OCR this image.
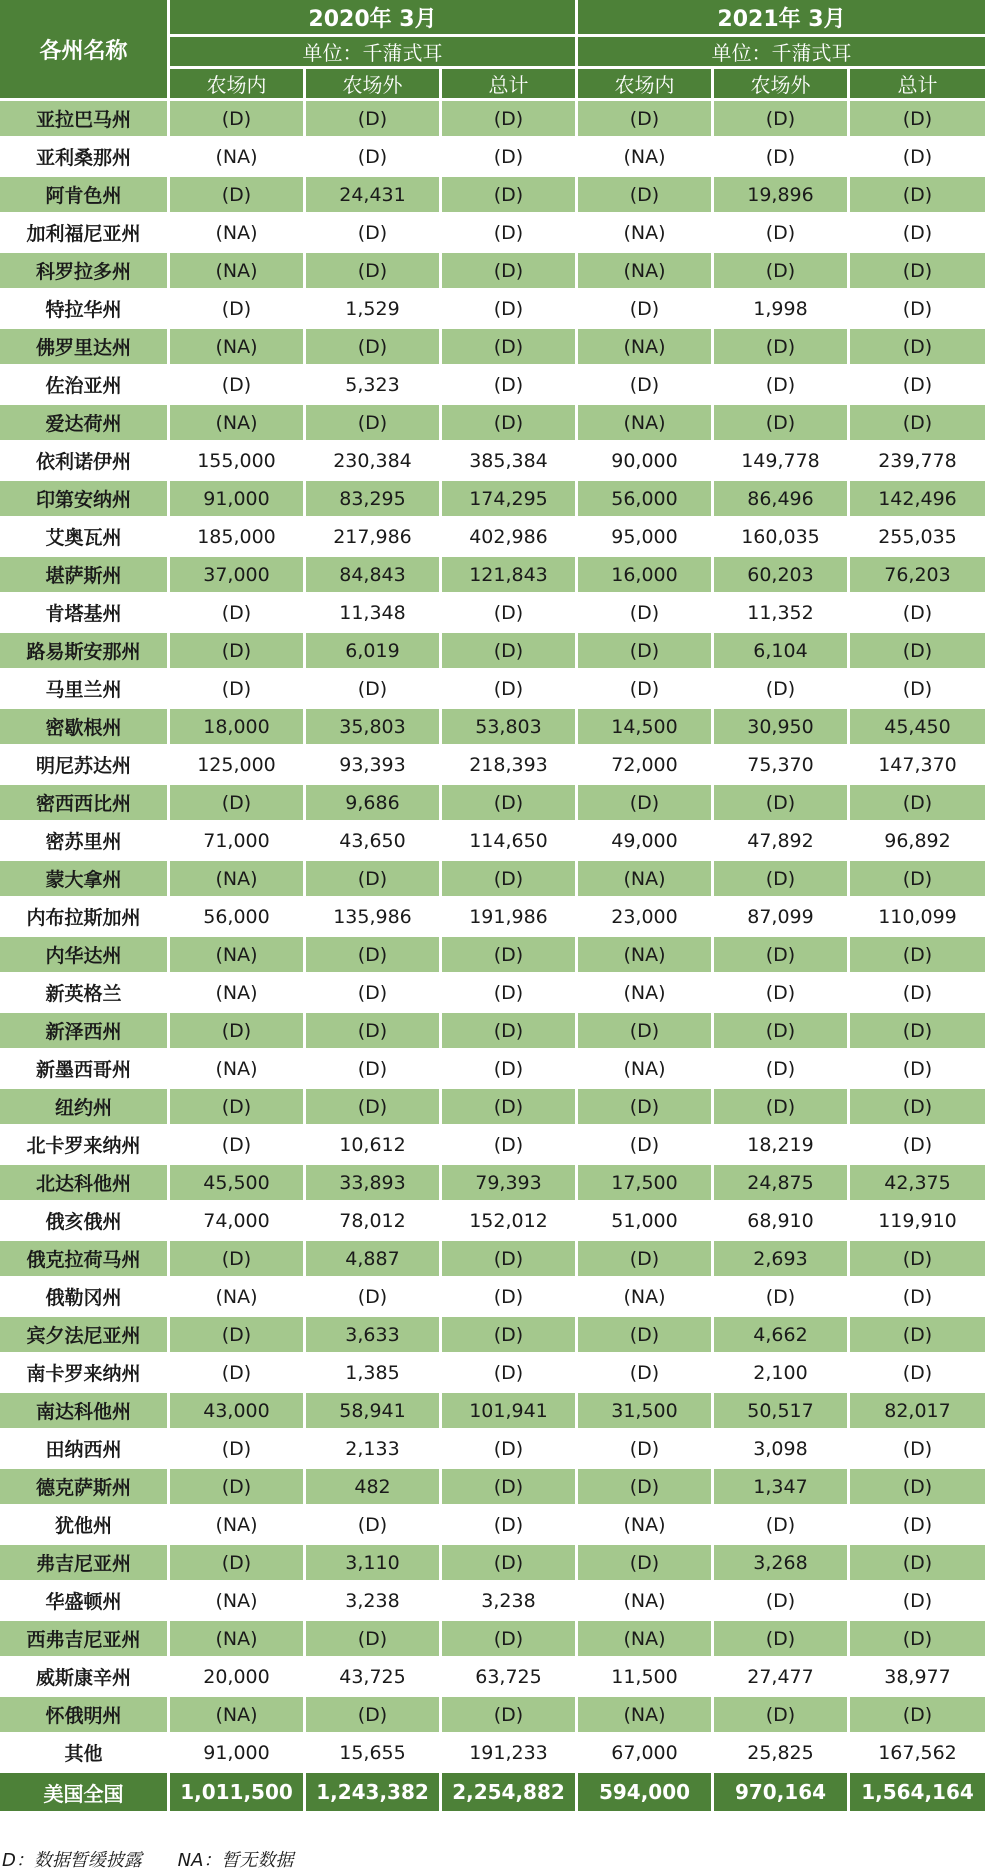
各州名称	2020年 3月			2021年 3月		
	单位：千蒲式耳			单位：千蒲式耳		
	农场内	农场外	总计	农场内	农场外	总计
亚拉巴马州	(D)	(D)	(D)	(D)	(D)	(D)
亚利桑那州	(NA)	(D)	(D)	(NA)	(D)	(D)
阿肯色州	(D)	24,431	(D)	(D)	19,896	(D)
加利福尼亚州	(NA)	(D)	(D)	(NA)	(D)	(D)
科罗拉多州	(NA)	(D)	(D)	(NA)	(D)	(D)
特拉华州	(D)	1,529	(D)	(D)	1,998	(D)
佛罗里达州	(NA)	(D)	(D)	(NA)	(D)	(D)
佐治亚州	(D)	5,323	(D)	(D)	(D)	(D)
爱达荷州	(NA)	(D)	(D)	(NA)	(D)	(D)
依利诺伊州	155,000	230,384	385,384	90,000	149,778	239,778
印第安纳州	91,000	83,295	174,295	56,000	86,496	142,496
艾奥瓦州	185,000	217,986	402,986	95,000	160,035	255,035
堪萨斯州	37,000	84,843	121,843	16,000	60,203	76,203
肯塔基州	(D)	11,348	(D)	(D)	11,352	(D)
路易斯安那州	(D)	6,019	(D)	(D)	6,104	(D)
马里兰州	(D)	(D)	(D)	(D)	(D)	(D)
密歇根州	18,000	35,803	53,803	14,500	30,950	45,450
明尼苏达州	125,000	93,393	218,393	72,000	75,370	147,370
密西西比州	(D)	9,686	(D)	(D)	(D)	(D)
密苏里州	71,000	43,650	114,650	49,000	47,892	96,892
蒙大拿州	(NA)	(D)	(D)	(NA)	(D)	(D)
内布拉斯加州	56,000	135,986	191,986	23,000	87,099	110,099
内华达州	(NA)	(D)	(D)	(NA)	(D)	(D)
新英格兰	(NA)	(D)	(D)	(NA)	(D)	(D)
新泽西州	(D)	(D)	(D)	(D)	(D)	(D)
新墨西哥州	(NA)	(D)	(D)	(NA)	(D)	(D)
纽约州	(D)	(D)	(D)	(D)	(D)	(D)
北卡罗来纳州	(D)	10,612	(D)	(D)	18,219	(D)
北达科他州	45,500	33,893	79,393	17,500	24,875	42,375
俄亥俄州	74,000	78,012	152,012	51,000	68,910	119,910
俄克拉荷马州	(D)	4,887	(D)	(D)	2,693	(D)
俄勒冈州	(NA)	(D)	(D)	(NA)	(D)	(D)
宾夕法尼亚州	(D)	3,633	(D)	(D)	4,662	(D)
南卡罗来纳州	(D)	1,385	(D)	(D)	2,100	(D)
南达科他州	43,000	58,941	101,941	31,500	50,517	82,017
田纳西州	(D)	2,133	(D)	(D)	3,098	(D)
德克萨斯州	(D)	482	(D)	(D)	1,347	(D)
犹他州	(NA)	(D)	(D)	(NA)	(D)	(D)
弗吉尼亚州	(D)	3,110	(D)	(D)	3,268	(D)
华盛顿州	(NA)	3,238	3,238	(NA)	(D)	(D)
西弗吉尼亚州	(NA)	(D)	(D)	(NA)	(D)	(D)
威斯康辛州	20,000	43,725	63,725	11,500	27,477	38,977
怀俄明州	(NA)	(D)	(D)	(NA)	(D)	(D)
其他	91,000	15,655	191,233	67,000	25,825	167,562
美国全国	1,011,500	1,243,382	2,254,882	594,000	970,164	1,564,164
D：数据暂缓披露 NA：暂无数据
